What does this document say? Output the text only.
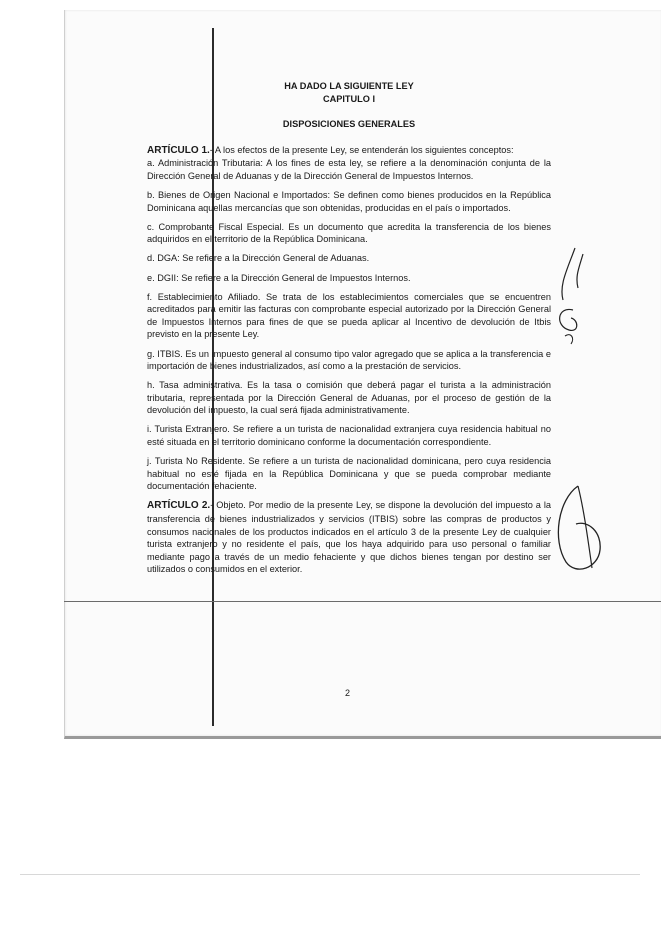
HA DADO LA SIGUIENTE LEY
CAPITULO I
DISPOSICIONES GENERALES
ARTÍCULO 1.- A los efectos de la presente Ley, se entenderán los siguientes conceptos:
a. Administración Tributaria: A los fines de esta ley, se refiere a la denominación conjunta de la Dirección General de Aduanas y de la Dirección General de Impuestos Internos.
b. Bienes de Origen Nacional e Importados: Se definen como bienes producidos en la República Dominicana aquellas mercancías que son obtenidas, producidas en el país o importados.
c. Comprobante Fiscal Especial. Es un documento que acredita la transferencia de los bienes adquiridos en el territorio de la República Dominicana.
d. DGA: Se refiere a la Dirección General de Aduanas.
e. DGII: Se refiere a la Dirección General de Impuestos Internos.
f. Establecimiento Afiliado. Se trata de los establecimientos comerciales que se encuentren acreditados para emitir las facturas con comprobante especial autorizado por la Dirección General de Impuestos Internos para fines de que se pueda aplicar al Incentivo de devolución de Itbis previsto en la presente Ley.
g. ITBIS. Es un impuesto general al consumo tipo valor agregado que se aplica a la transferencia e importación de bienes industrializados, así como a la prestación de servicios.
h. Tasa administrativa. Es la tasa o comisión que deberá pagar el turista a la administración tributaria, representada por la Dirección General de Aduanas, por el proceso de gestión de la devolución del impuesto, la cual será fijada administrativamente.
i. Turista Extranjero. Se refiere a un turista de nacionalidad extranjera cuya residencia habitual no esté situada en el territorio dominicano conforme la documentación correspondiente.
j. Turista No Residente. Se refiere a un turista de nacionalidad dominicana, pero cuya residencia habitual no esté fijada en la República Dominicana y que se pueda comprobar mediante documentación fehaciente.
ARTÍCULO 2.- Objeto. Por medio de la presente Ley, se dispone la devolución del impuesto a la transferencia de bienes industrializados y servicios (ITBIS) sobre las compras de productos y consumos nacionales de los productos indicados en el artículo 3 de la presente Ley de cualquier turista extranjero y no residente el país, que los haya adquirido para uso personal o familiar mediante pago a través de un medio fehaciente y que dichos bienes tengan por destino ser utilizados o consumidos en el exterior.
2
